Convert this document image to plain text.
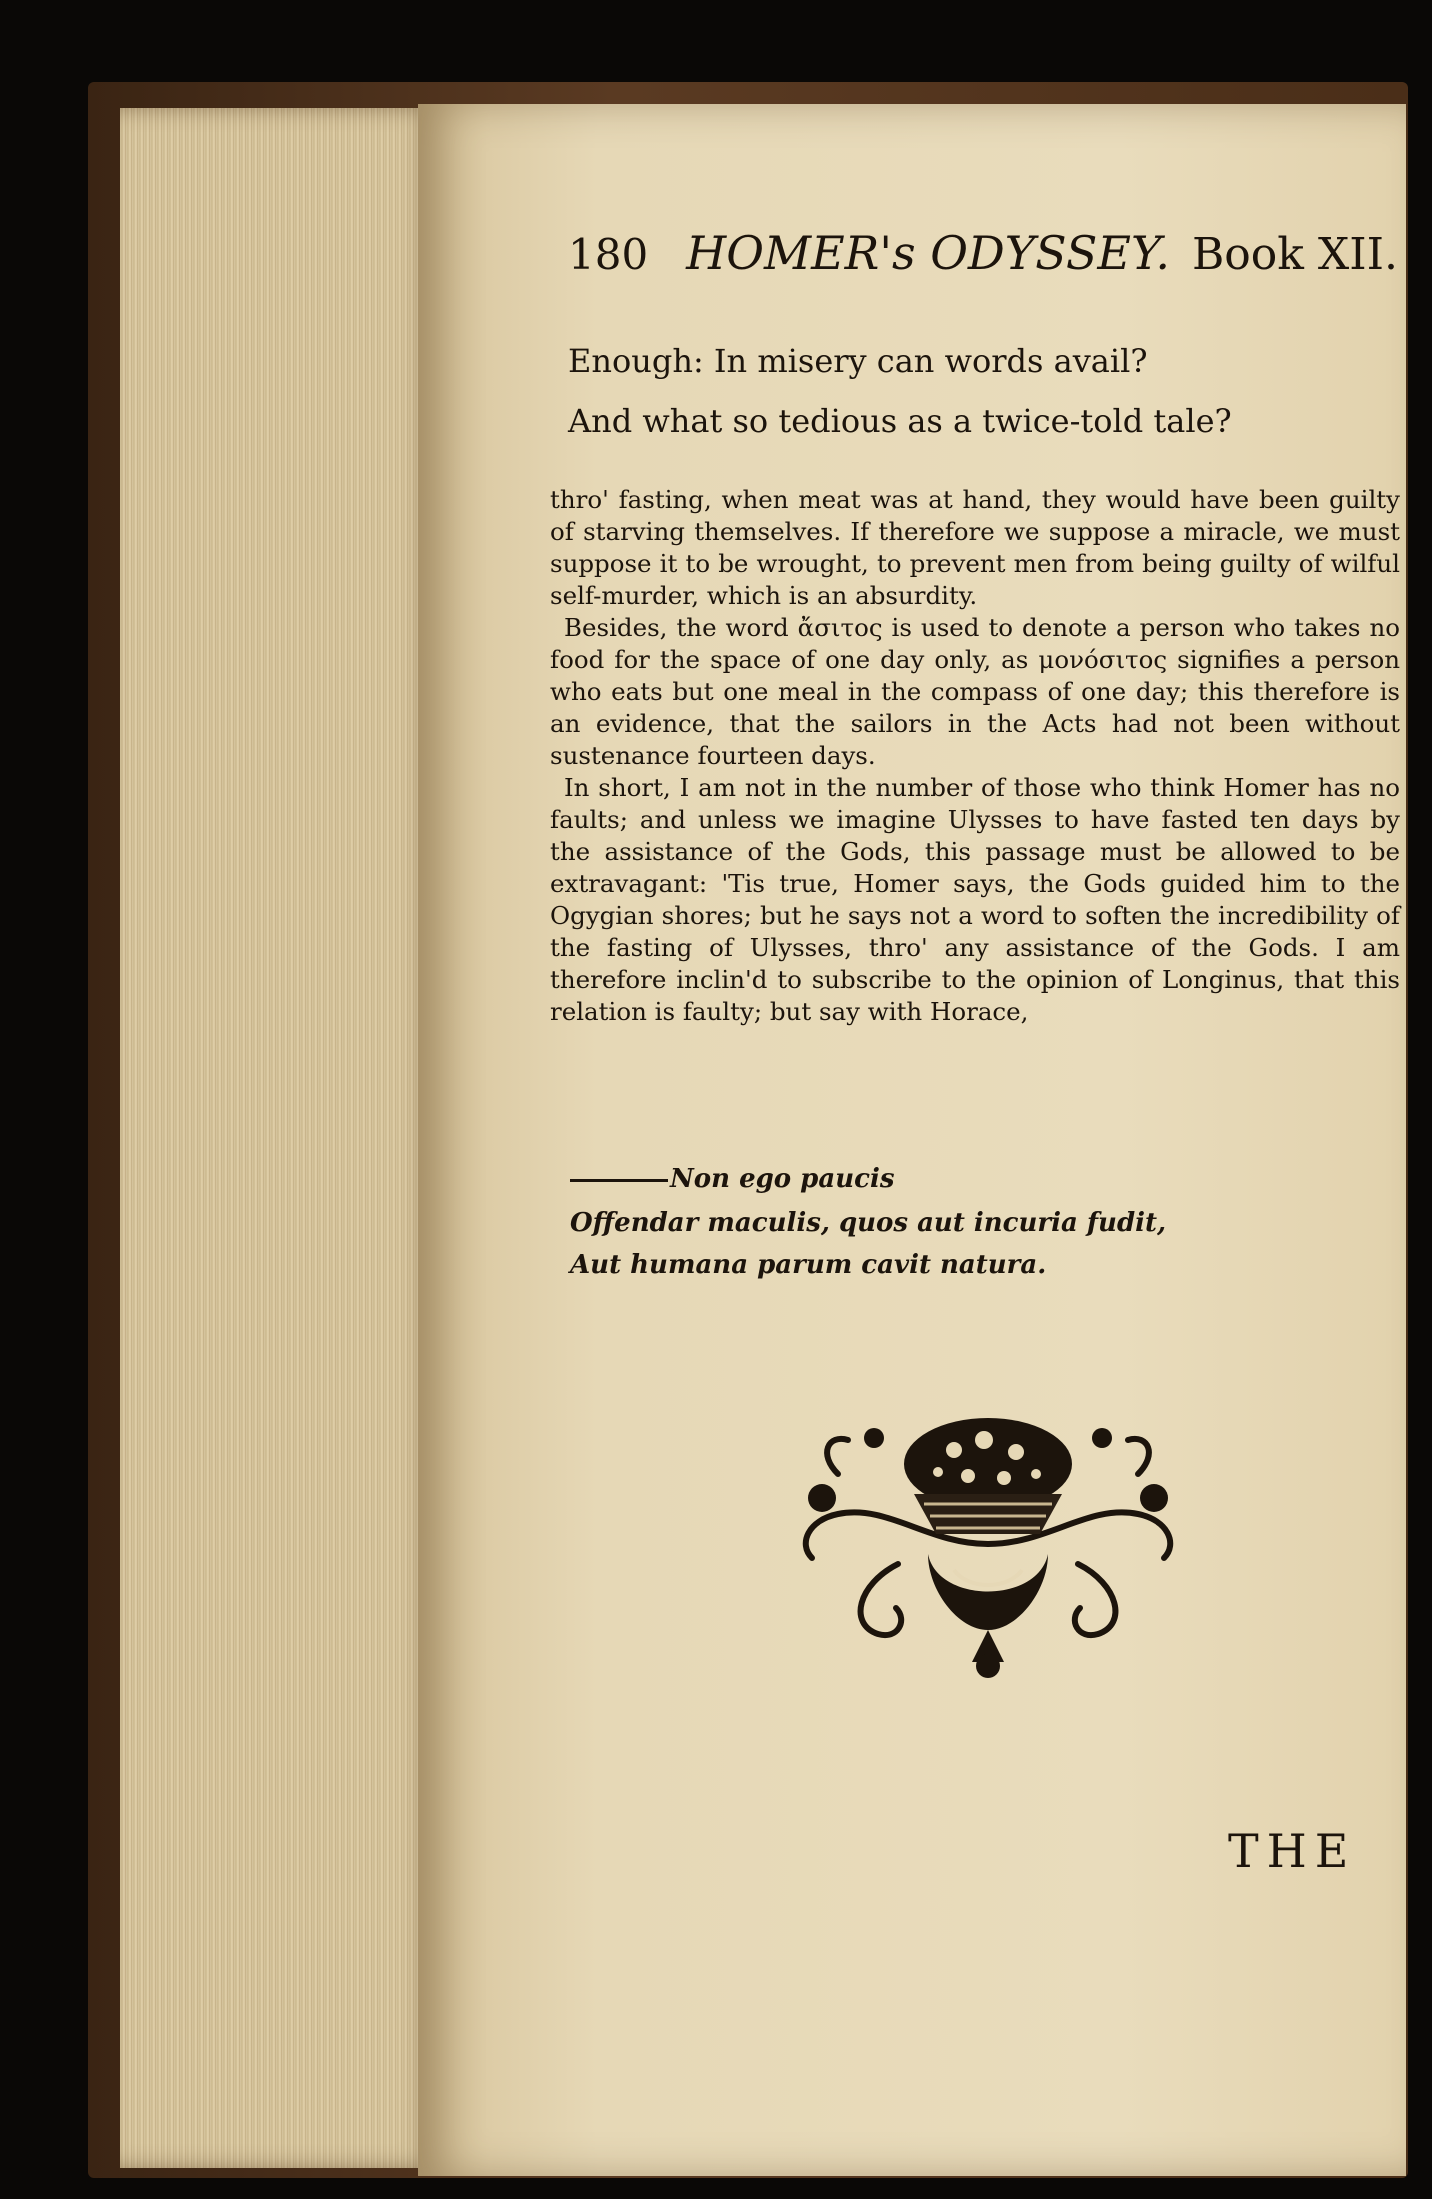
180 HOMER's ODYSSEY. Book XII.
Enough: In misery can words avail?
And what so tedious as a twice-told tale?

thro' fasting, when meat was at hand, they would have been guilty of starving themselves. If therefore we suppose a miracle, we must suppose it to be wrought, to prevent men from being guilty of wilful self-murder, which is an absurdity.

Besides, the word ἄσιτος is used to denote a person who takes no food for the space of one day only, as μονόσιτος signifies a person who eats but one meal in the compass of one day; this therefore is an evidence, that the sailors in the Acts had not been without sustenance fourteen days.

In short, I am not in the number of those who think Homer has no faults; and unless we imagine Ulysses to have fasted ten days by the assistance of the Gods, this passage must be allowed to be extravagant: 'Tis true, Homer says, the Gods guided him to the Ogygian shores; but he says not a word to soften the incredibility of the fasting of Ulysses, thro' any assistance of the Gods. I am therefore inclin'd to subscribe to the opinion of Longinus, that this relation is faulty; but say with Horace,

Non ego paucis
Offendar maculis, quos aut incuria fudit,
Aut humana parum cavit natura.
THE
